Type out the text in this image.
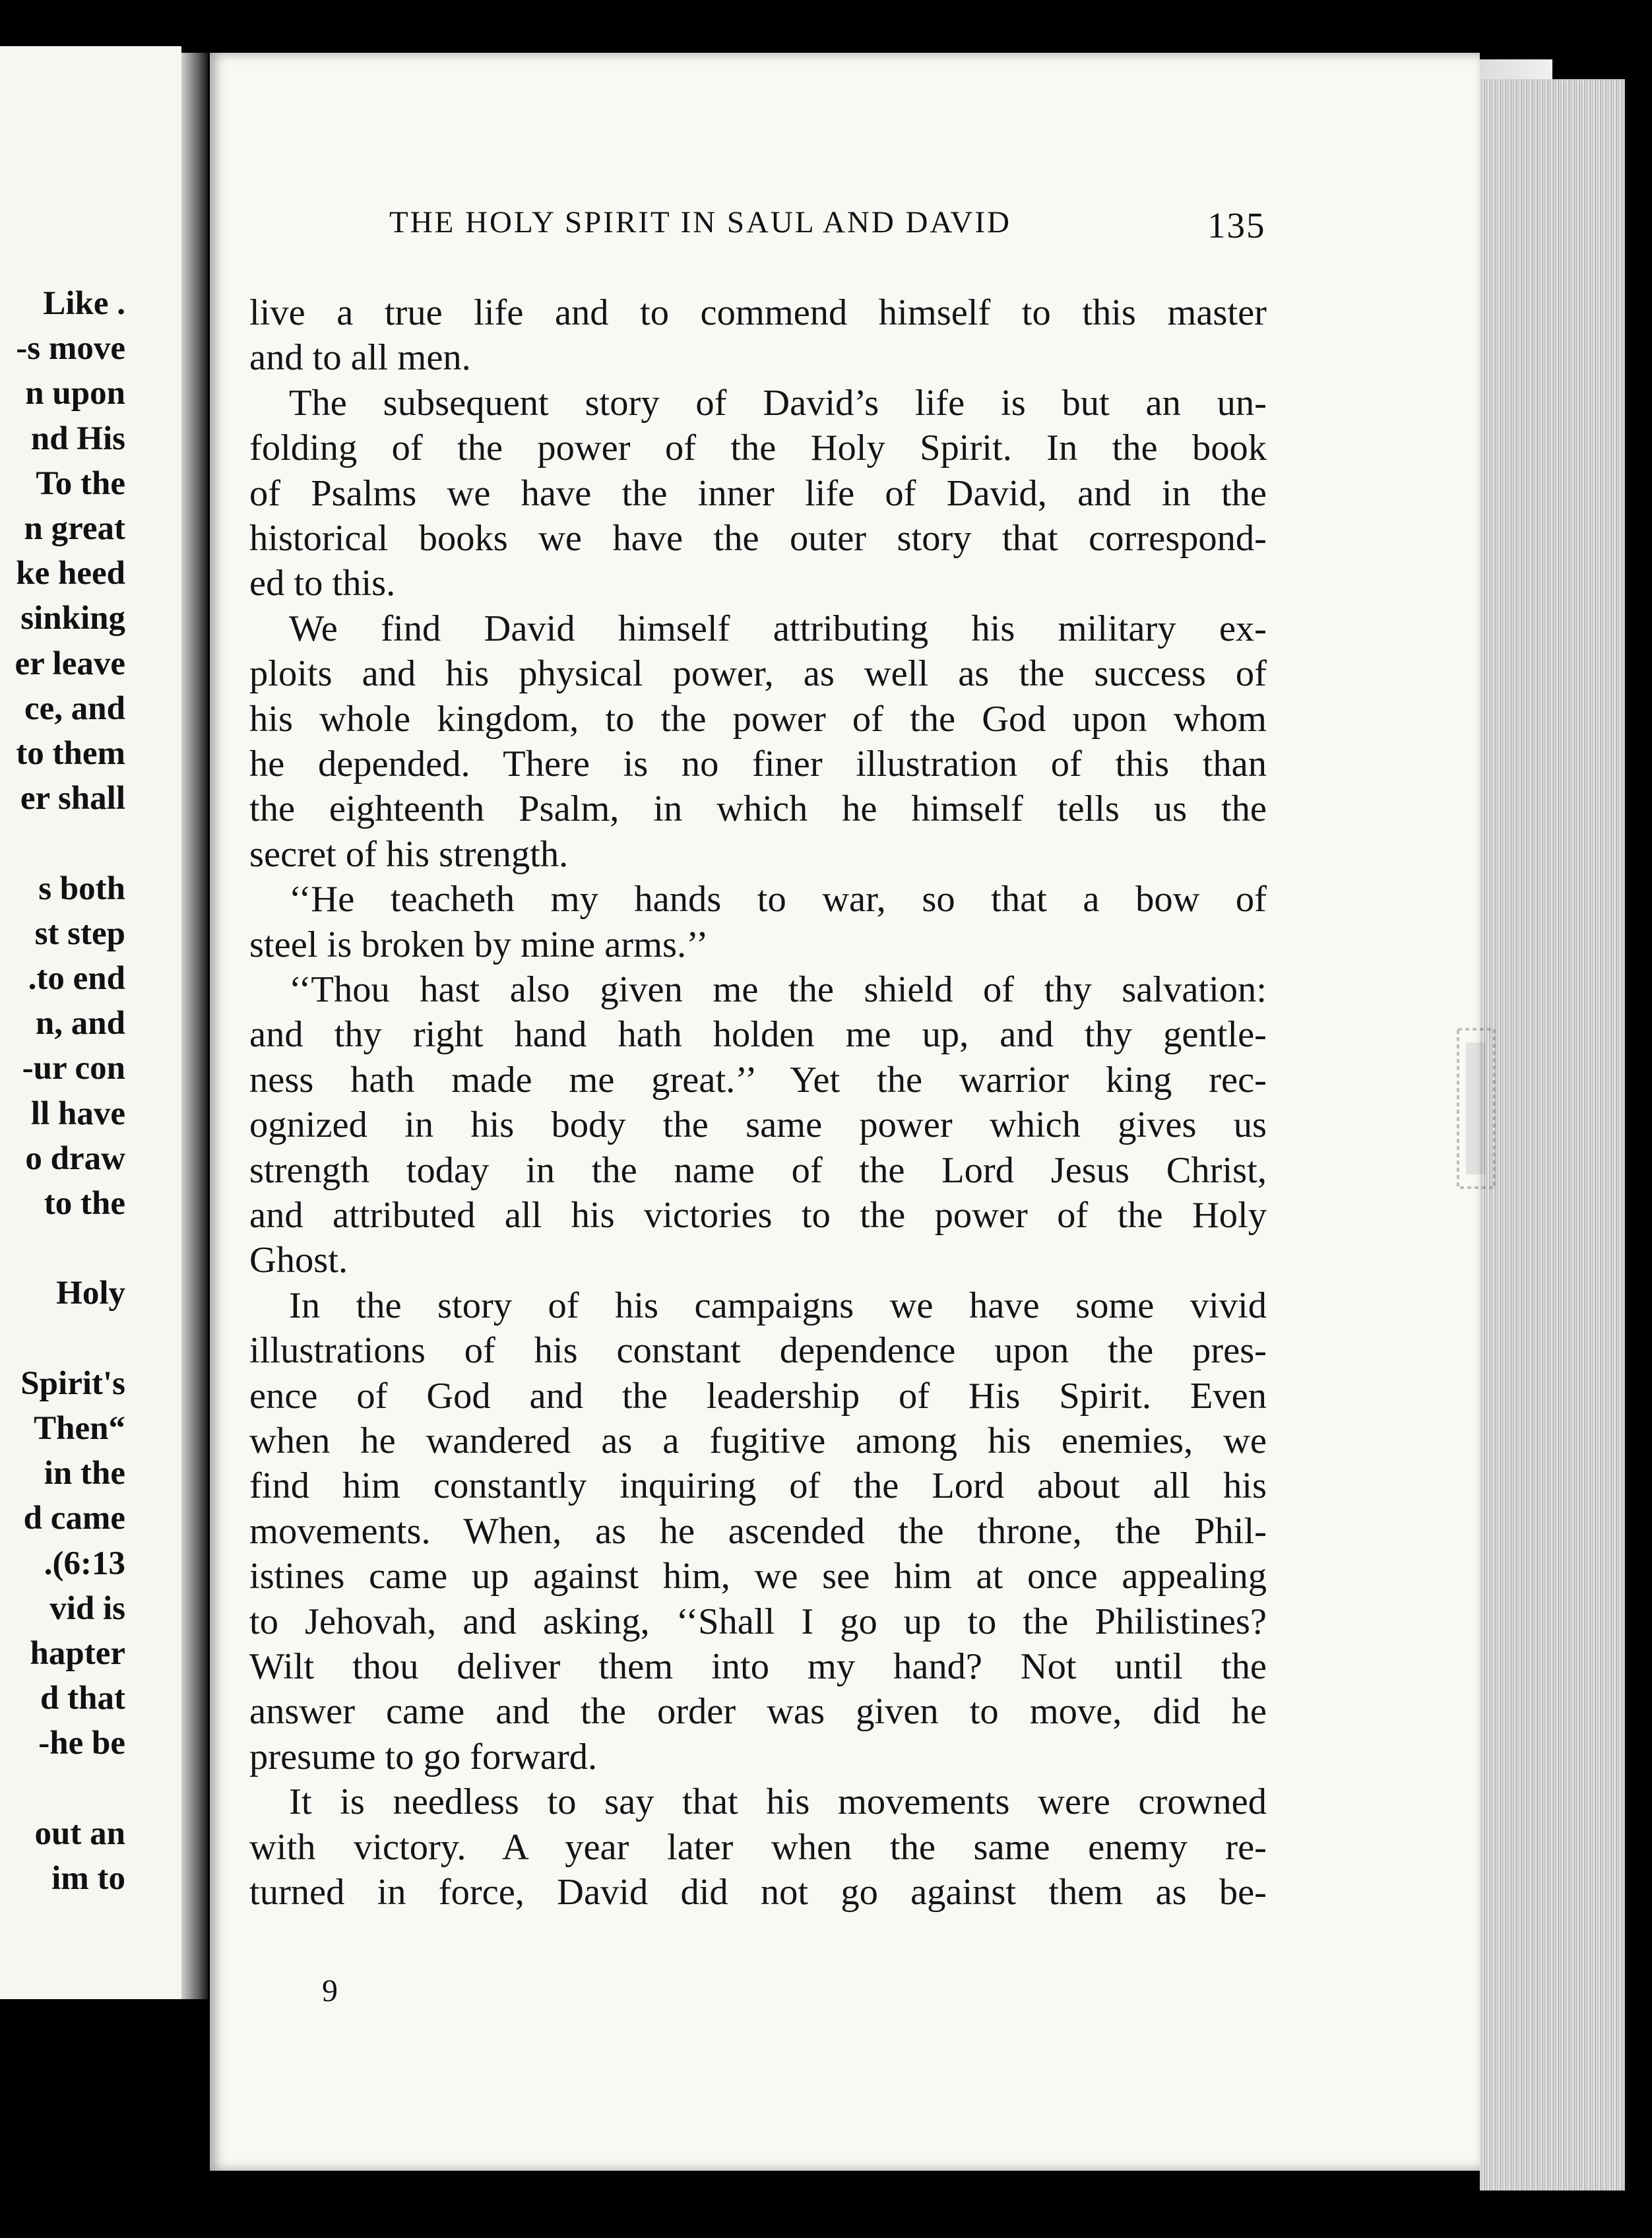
THE HOLY SPIRIT IN SAUL AND DAVID	135
. Like
s move-
n upon
nd His
To the
n great
ke heed
sinking
er leave
ce, and
to them
er shall
s both
st step
to end.
n, and
ur con-
ll have
o draw
to the
Holy
Spirit's
“Then
in the
d came
6:13).
vid is
hapter
d that
he be-
out an
im to
live a true life and to commend himself to this master
and to all men.
The subsequent story of David’s life is but an un-
folding of the power of the Holy Spirit. In the book
of Psalms we have the inner life of David, and in the
historical books we have the outer story that correspond-
ed to this.
We find David himself attributing his military ex-
ploits and his physical power, as well as the success of
his whole kingdom, to the power of the God upon whom
he depended. There is no finer illustration of this than
the eighteenth Psalm, in which he himself tells us the
secret of his strength.
‘‘He teacheth my hands to war, so that a bow of
steel is broken by mine arms.’’
‘‘Thou hast also given me the shield of thy salvation:
and thy right hand hath holden me up, and thy gentle-
ness hath made me great.’’ Yet the warrior king rec-
ognized in his body the same power which gives us
strength today in the name of the Lord Jesus Christ,
and attributed all his victories to the power of the Holy
Ghost.
In the story of his campaigns we have some vivid
illustrations of his constant dependence upon the pres-
ence of God and the leadership of His Spirit. Even
when he wandered as a fugitive among his enemies, we
find him constantly inquiring of the Lord about all his
movements. When, as he ascended the throne, the Phil-
istines came up against him, we see him at once appealing
to Jehovah, and asking, ‘‘Shall I go up to the Philistines?
Wilt thou deliver them into my hand? Not until the
answer came and the order was given to move, did he
presume to go forward.
It is needless to say that his movements were crowned
with victory. A year later when the same enemy re-
turned in force, David did not go against them as be-
9
